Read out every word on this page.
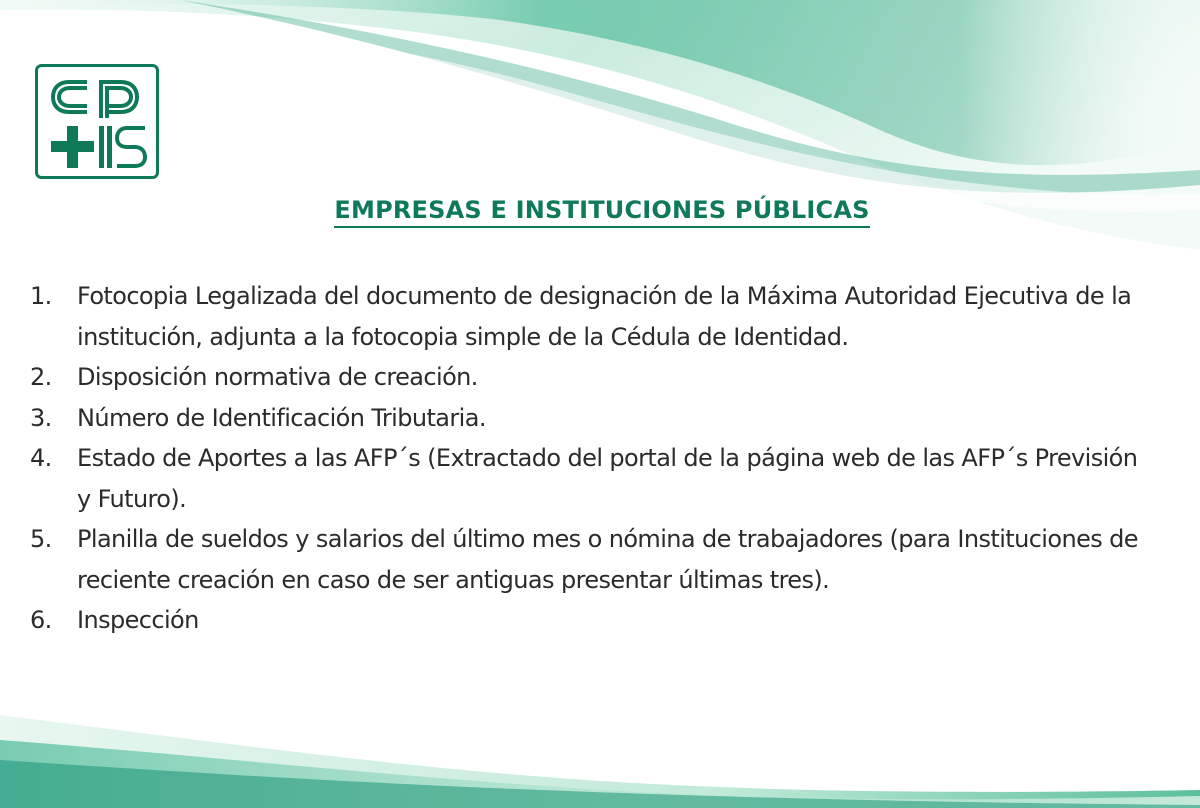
EMPRESAS E INSTITUCIONES PÚBLICAS
1.	Fotocopia Legalizada del documento de designación de la Máxima Autoridad Ejecutiva de la institución, adjunta a la fotocopia simple de la Cédula de Identidad.
2.	Disposición normativa de creación.
3.	Número de Identificación Tributaria.
4.	Estado de Aportes a las AFP´s (Extractado del portal de la página web de las AFP´s Previsión y Futuro).
5.	Planilla de sueldos y salarios del último mes o nómina de trabajadores (para Instituciones de reciente creación en caso de ser antiguas presentar últimas tres).
6.	Inspección
